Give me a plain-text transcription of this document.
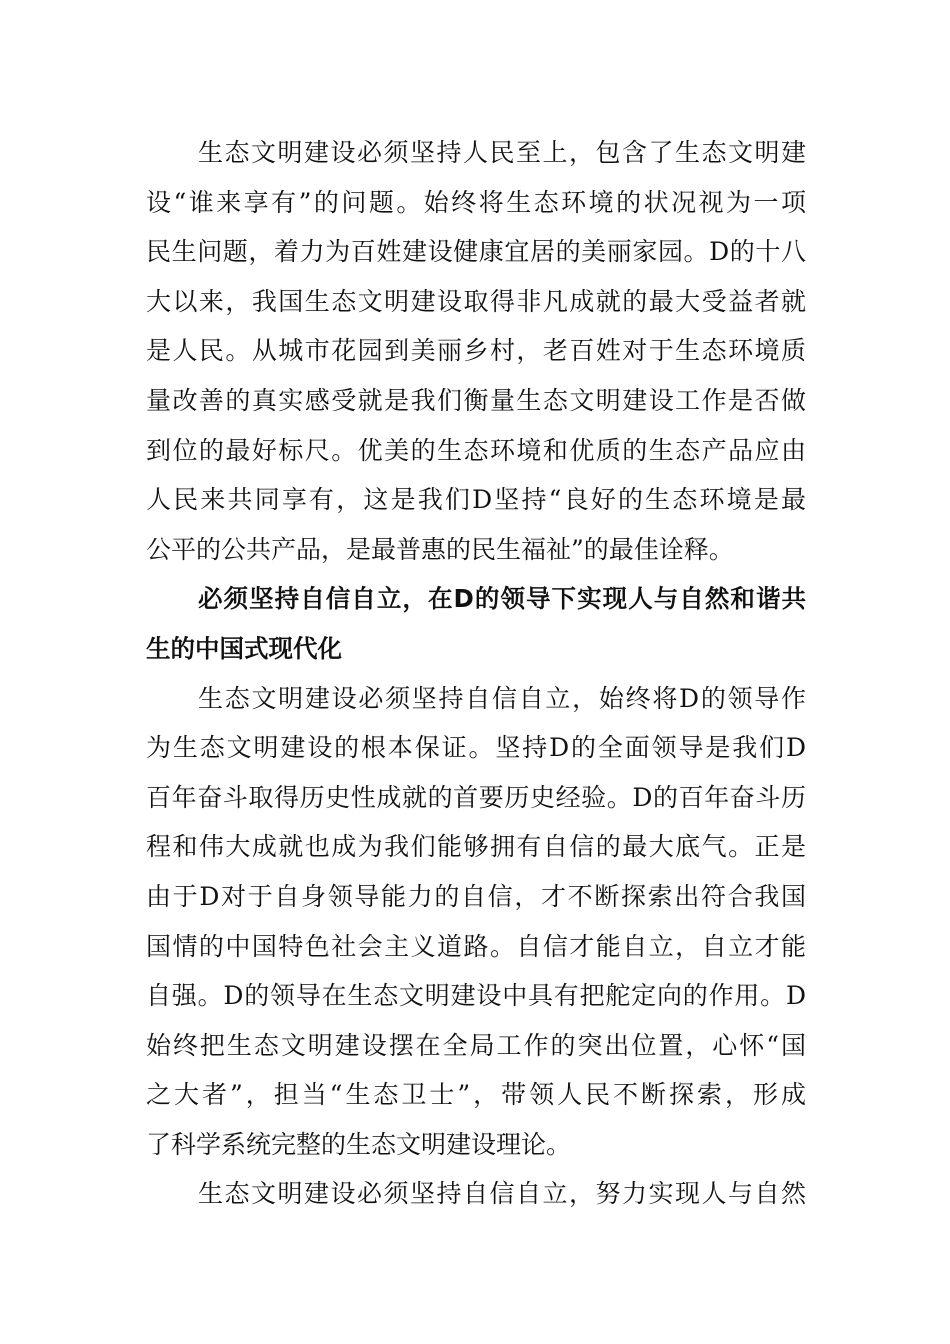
生态文明建设必须坚持人民至上，包含了生态文明建
设“谁来享有”的问题。始终将生态环境的状况视为一项
民生问题，着力为百姓建设健康宜居的美丽家园。D的十八
大以来，我国生态文明建设取得非凡成就的最大受益者就
是人民。从城市花园到美丽乡村，老百姓对于生态环境质
量改善的真实感受就是我们衡量生态文明建设工作是否做
到位的最好标尺。优美的生态环境和优质的生态产品应由
人民来共同享有，这是我们D坚持“良好的生态环境是最
公平的公共产品，是最普惠的民生福祉”的最佳诠释。
必须坚持自信自立，在D的领导下实现人与自然和谐共
生的中国式现代化
生态文明建设必须坚持自信自立，始终将D的领导作
为生态文明建设的根本保证。坚持D的全面领导是我们D
百年奋斗取得历史性成就的首要历史经验。D的百年奋斗历
程和伟大成就也成为我们能够拥有自信的最大底气。正是
由于D对于自身领导能力的自信，才不断探索出符合我国
国情的中国特色社会主义道路。自信才能自立，自立才能
自强。D的领导在生态文明建设中具有把舵定向的作用。D
始终把生态文明建设摆在全局工作的突出位置，心怀“国
之大者”，担当“生态卫士”，带领人民不断探索，形成
了科学系统完整的生态文明建设理论。
生态文明建设必须坚持自信自立，努力实现人与自然
